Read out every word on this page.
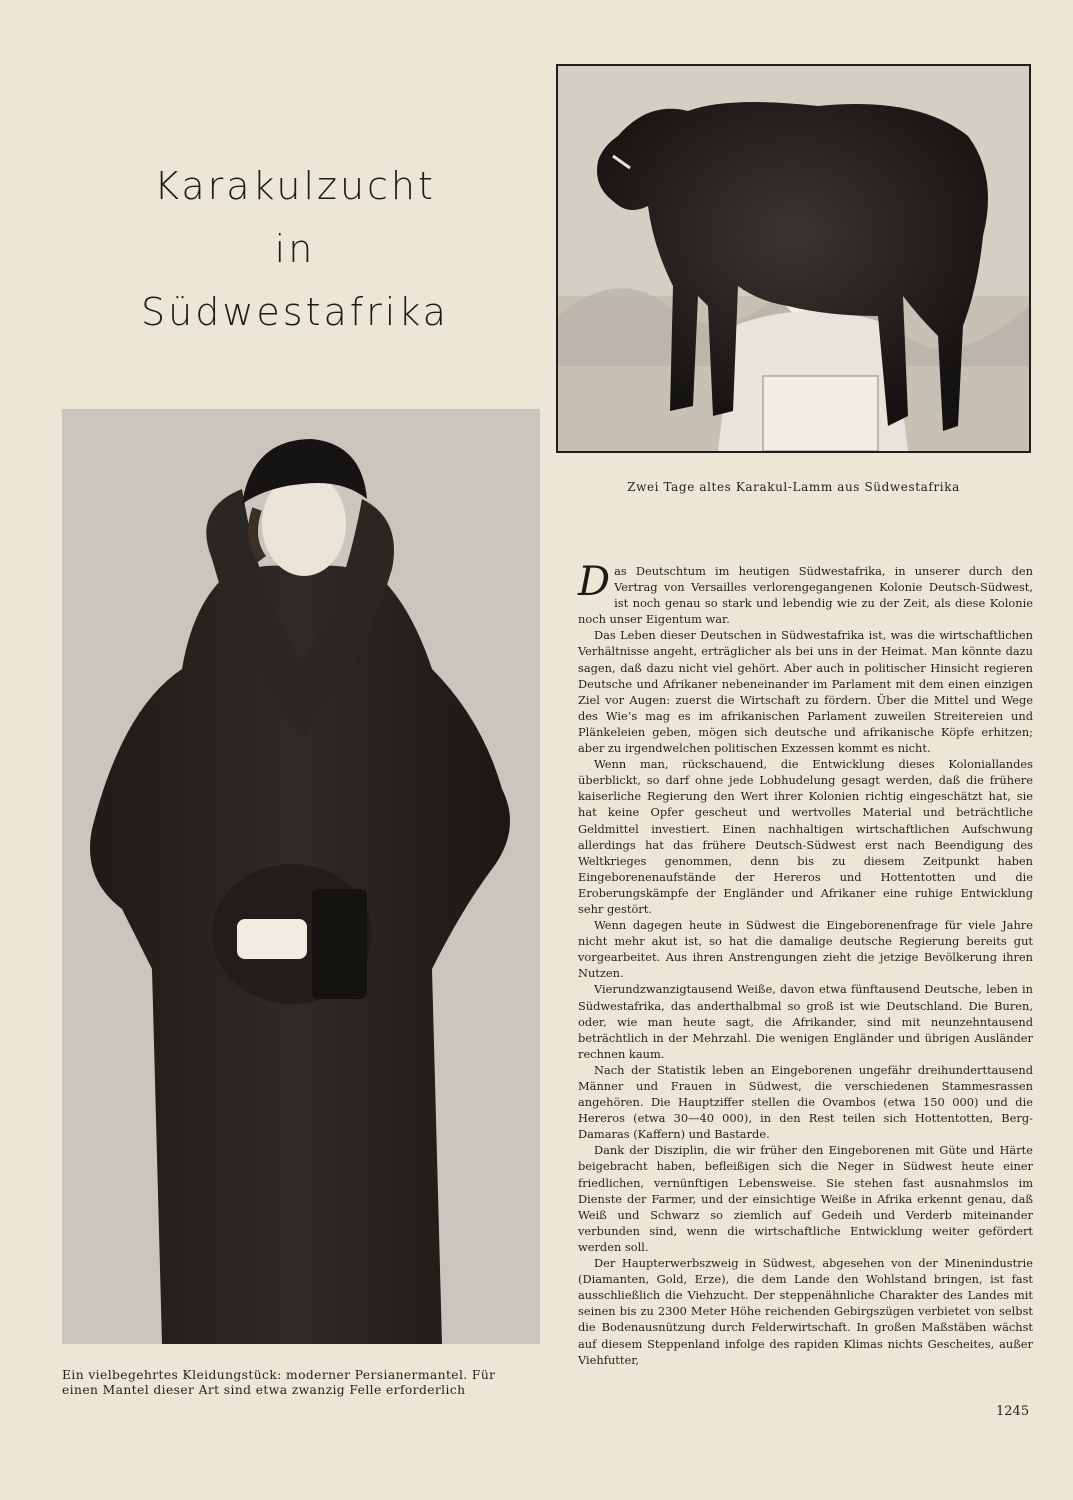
Karakulzucht
in
Südwestafrika
Zwei Tage altes Karakul-Lamm aus Südwestafrika
Ein vielbegehrtes Kleidungstück: moderner Persianermantel. Für
einen Mantel dieser Art sind etwa zwanzig Felle erforderlich

Das Deutschtum im heutigen Südwestafrika, in unserer durch den Vertrag von Versailles verlorengegangenen Kolonie Deutsch-Südwest, ist noch genau so stark und lebendig wie zu der Zeit, als diese Kolonie noch unser Eigentum war.

Das Leben dieser Deutschen in Südwestafrika ist, was die wirtschaftlichen Verhältnisse angeht, erträglicher als bei uns in der Heimat. Man könnte dazu sagen, daß dazu nicht viel gehört. Aber auch in politischer Hinsicht regieren Deutsche und Afrikaner nebeneinander im Parlament mit dem einen einzigen Ziel vor Augen: zuerst die Wirtschaft zu fördern. Über die Mittel und Wege des Wie’s mag es im afrikanischen Parlament zuweilen Streitereien und Plänkeleien geben, mögen sich deutsche und afrikanische Köpfe erhitzen; aber zu irgendwelchen politischen Exzessen kommt es nicht.

Wenn man, rückschauend, die Entwicklung dieses Koloniallandes überblickt, so darf ohne jede Lobhudelung gesagt werden, daß die frühere kaiserliche Regierung den Wert ihrer Kolonien richtig eingeschätzt hat, sie hat keine Opfer gescheut und wertvolles Material und beträchtliche Geldmittel investiert. Einen nachhaltigen wirtschaftlichen Aufschwung allerdings hat das frühere Deutsch-Südwest erst nach Beendigung des Weltkrieges genommen, denn bis zu diesem Zeitpunkt haben Eingeborenenaufstände der Hereros und Hottentotten und die Eroberungskämpfe der Engländer und Afrikaner eine ruhige Entwicklung sehr gestört.

Wenn dagegen heute in Südwest die Eingeborenenfrage für viele Jahre nicht mehr akut ist, so hat die damalige deutsche Regierung bereits gut vorgearbeitet. Aus ihren Anstrengungen zieht die jetzige Bevölkerung ihren Nutzen.

Vierundzwanzigtausend Weiße, davon etwa fünftausend Deutsche, leben in Südwestafrika, das anderthalbmal so groß ist wie Deutschland. Die Buren, oder, wie man heute sagt, die Afrikander, sind mit neunzehntausend beträchtlich in der Mehrzahl. Die wenigen Engländer und übrigen Ausländer rechnen kaum.

Nach der Statistik leben an Eingeborenen ungefähr dreihunderttausend Männer und Frauen in Südwest, die verschiedenen Stammesrassen angehören. Die Hauptziffer stellen die Ovambos (etwa 150 000) und die Hereros (etwa 30—40 000), in den Rest teilen sich Hottentotten, Berg-Damaras (Kaffern) und Bastarde.

Dank der Disziplin, die wir früher den Eingeborenen mit Güte und Härte beigebracht haben, befleißigen sich die Neger in Südwest heute einer friedlichen, vernünftigen Lebensweise. Sie stehen fast ausnahmslos im Dienste der Farmer, und der einsichtige Weiße in Afrika erkennt genau, daß Weiß und Schwarz so ziemlich auf Gedeih und Verderb miteinander verbunden sind, wenn die wirtschaftliche Entwicklung weiter gefördert werden soll.

Der Haupterwerbszweig in Südwest, abgesehen von der Minenindustrie (Diamanten, Gold, Erze), die dem Lande den Wohlstand bringen, ist fast ausschließlich die Viehzucht. Der steppenähnliche Charakter des Landes mit seinen bis zu 2300 Meter Höhe reichenden Gebirgszügen verbietet von selbst die Bodenausnützung durch Felderwirtschaft. In großen Maßstäben wächst auf diesem Steppenland infolge des rapiden Klimas nichts Gescheites, außer Viehfutter,

1245
